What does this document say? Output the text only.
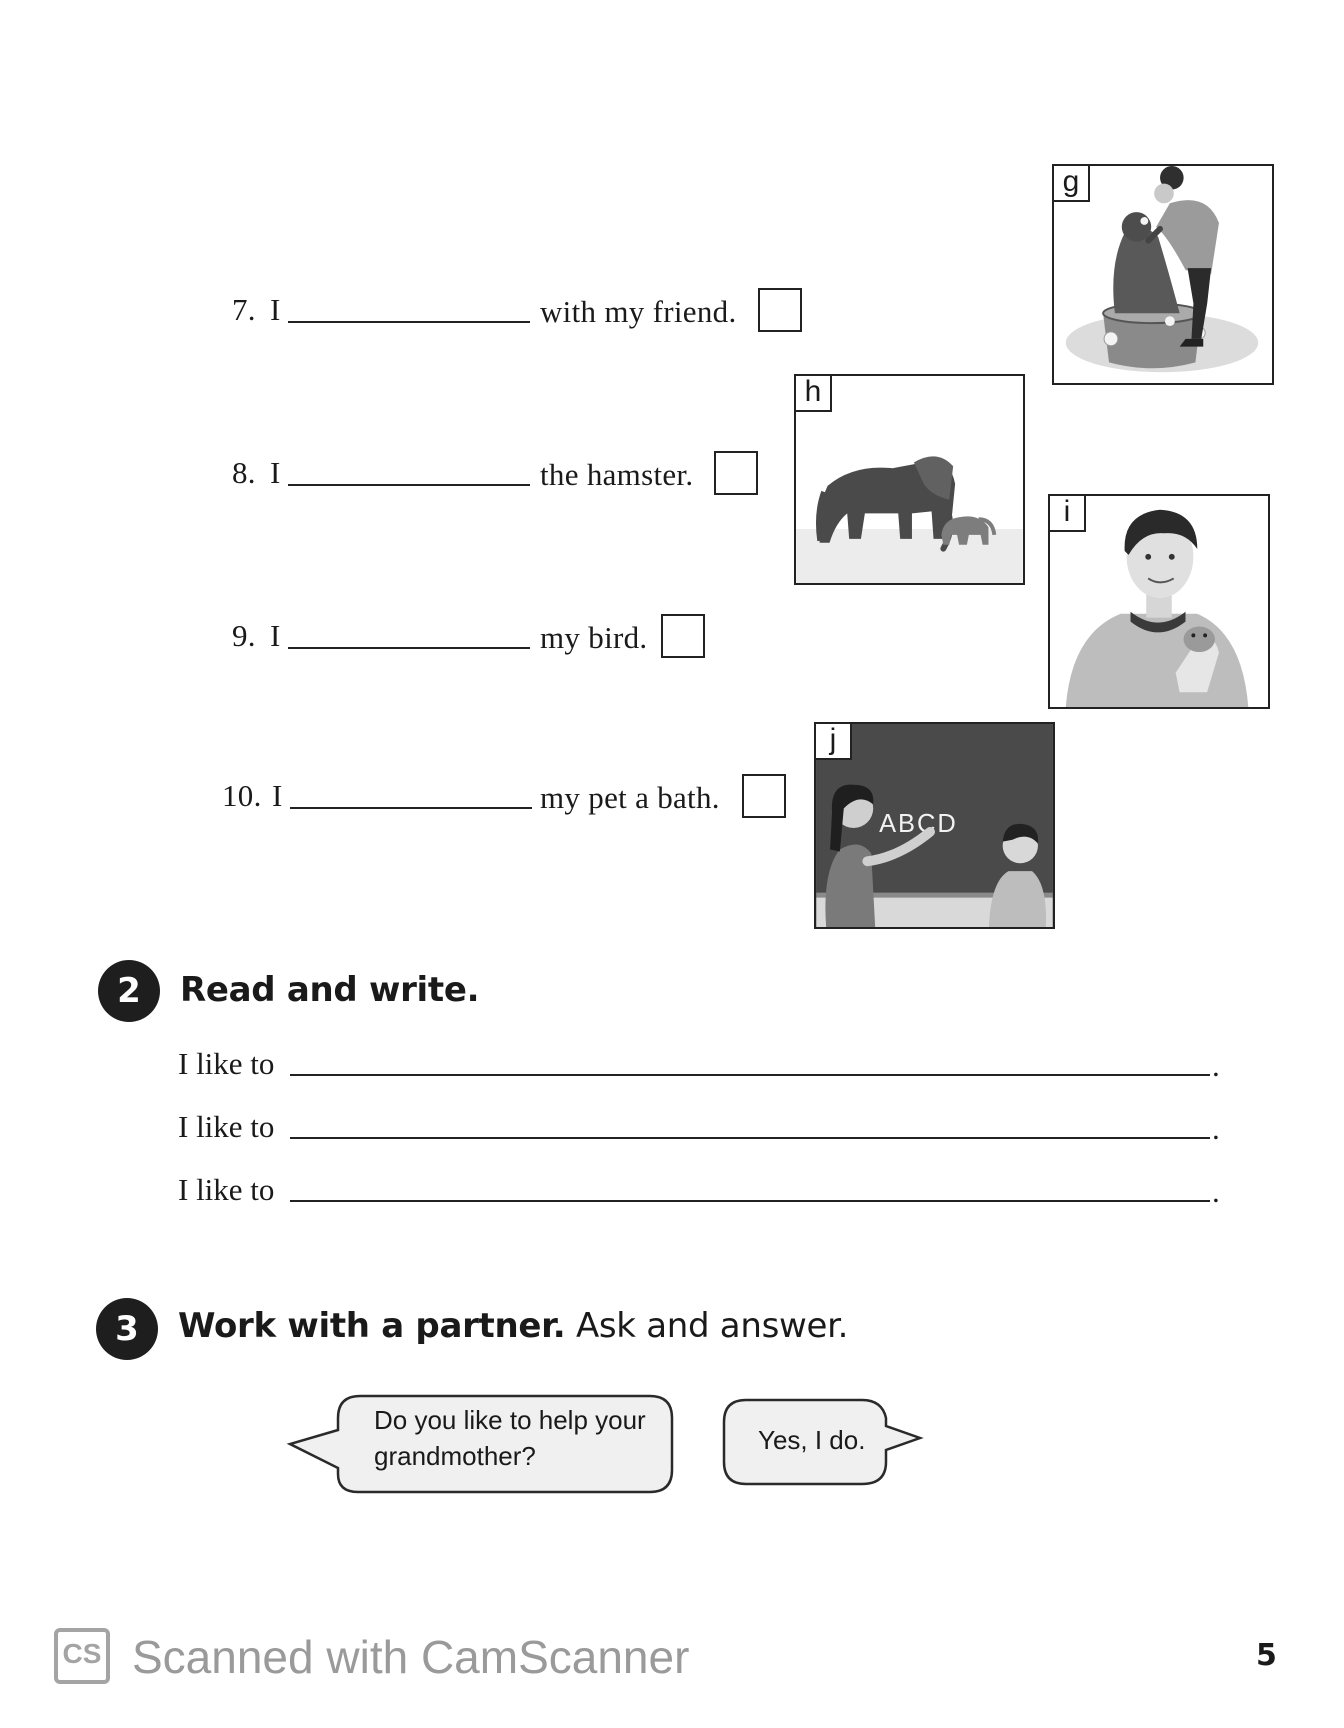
7. I	with my friend.
8. I	the hamster.
9. I	my bird.
10. I	my pet a bath.
g
h
i
j
ABCD
2	Read and write.
I like to	.
I like to	.
I like to	.
3	Work with a partner. Ask and answer.
Do you like to help your
grandmother?
Yes, I do.
CS Scanned with CamScanner	5
